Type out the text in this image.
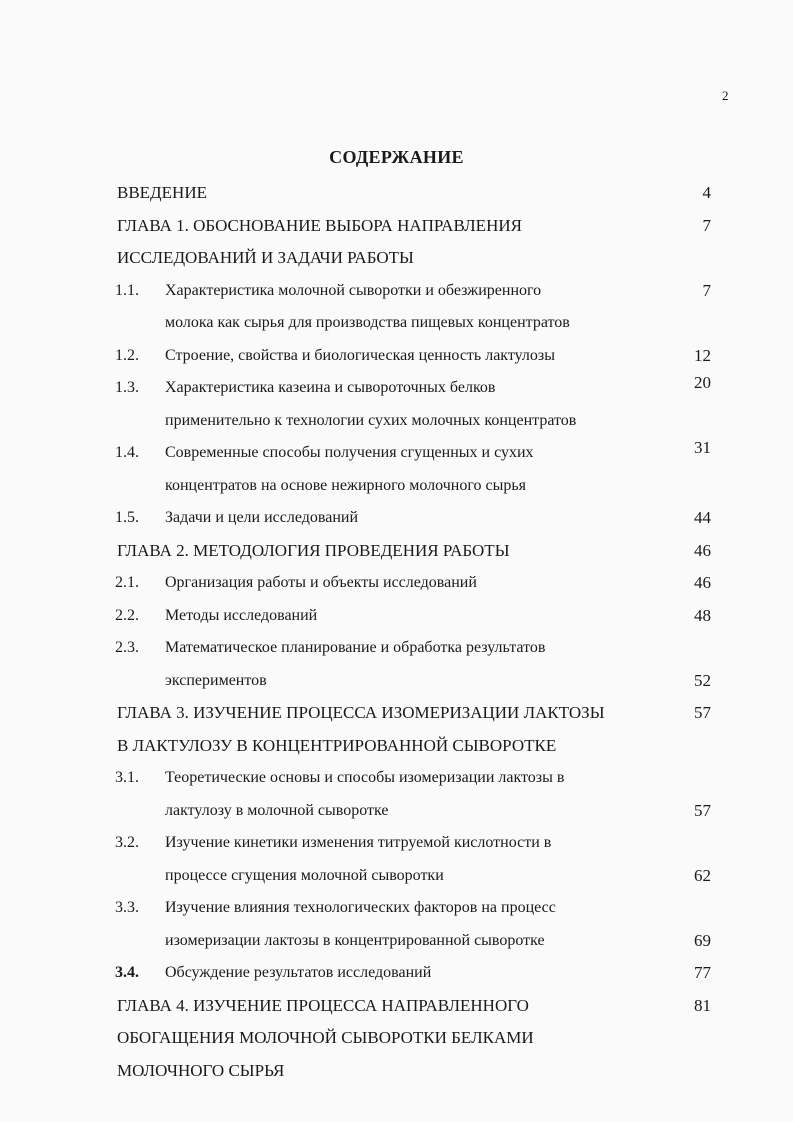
2
СОДЕРЖАНИЕ
ВВЕДЕНИЕ	4
ГЛАВА 1. ОБОСНОВАНИЕ ВЫБОРА НАПРАВЛЕНИЯ	7
ИССЛЕДОВАНИЙ И ЗАДАЧИ РАБОТЫ
1.1. Характеристика молочной сыворотки и обезжиренного	7
молока как сырья для производства пищевых концентратов
1.2. Строение, свойства и биологическая ценность лактулозы	12
1.3. Характеристика казеина и сывороточных белков	20
применительно к технологии сухих молочных концентратов
1.4. Современные способы получения сгущенных и сухих	31
концентратов на основе нежирного молочного сырья
1.5. Задачи и цели исследований	44
ГЛАВА 2. МЕТОДОЛОГИЯ ПРОВЕДЕНИЯ РАБОТЫ	46
2.1. Организация работы и объекты исследований	46
2.2. Методы исследований	48
2.3. Математическое планирование и обработка результатов
экспериментов	52
ГЛАВА 3. ИЗУЧЕНИЕ ПРОЦЕССА ИЗОМЕРИЗАЦИИ ЛАКТОЗЫ	57
В ЛАКТУЛОЗУ В КОНЦЕНТРИРОВАННОЙ СЫВОРОТКЕ
3.1. Теоретические основы и способы изомеризации лактозы в
лактулозу в молочной сыворотке	57
3.2. Изучение кинетики изменения титруемой кислотности в
процессе сгущения молочной сыворотки	62
3.3. Изучение влияния технологических факторов на процесс
изомеризации лактозы в концентрированной сыворотке	69
3.4. Обсуждение результатов исследований	77
ГЛАВА 4. ИЗУЧЕНИЕ ПРОЦЕССА НАПРАВЛЕННОГО	81
ОБОГАЩЕНИЯ МОЛОЧНОЙ СЫВОРОТКИ БЕЛКАМИ
МОЛОЧНОГО СЫРЬЯ
